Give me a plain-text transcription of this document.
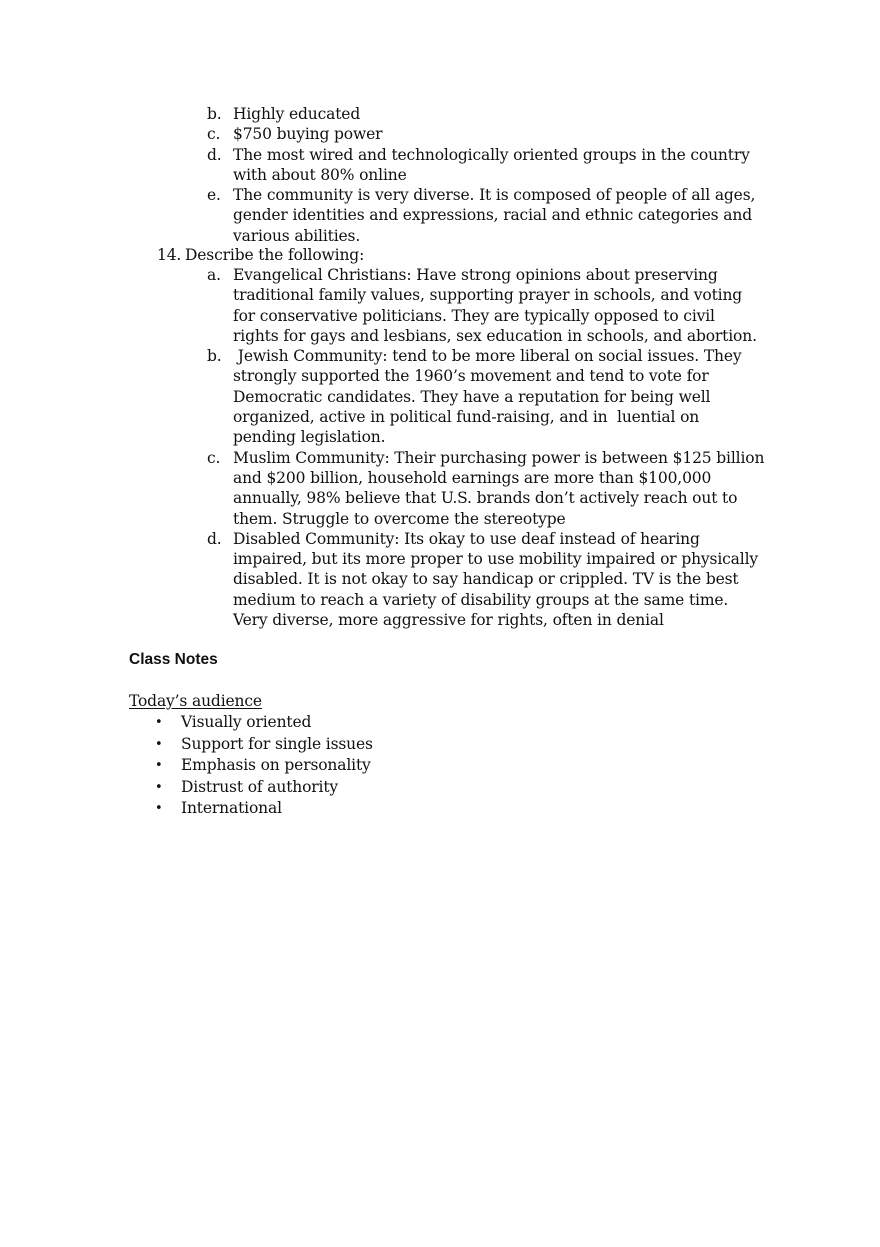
b. Highly educated
c. $750 buying power
d. The most wired and technologically oriented groups in the country with about 80% online
e. The community is very diverse. It is composed of people of all ages, gender identities and expressions, racial and ethnic categories and various abilities.
14. Describe the following:
a. Evangelical Christians: Have strong opinions about preserving traditional family values, supporting prayer in schools, and voting for conservative politicians. They are typically opposed to civil rights for gays and lesbians, sex education in schools, and abortion.
b. Jewish Community: tend to be more liberal on social issues. They strongly supported the 1960’s movement and tend to vote for Democratic candidates. They have a reputation for being well organized, active in political fund-raising, and in  luential on pending legislation.
c. Muslim Community: Their purchasing power is between $125 billion and $200 billion, household earnings are more than $100,000 annually, 98% believe that U.S. brands don’t actively reach out to them. Struggle to overcome the stereotype
d. Disabled Community: Its okay to use deaf instead of hearing impaired, but its more proper to use mobility impaired or physically disabled. It is not okay to say handicap or crippled. TV is the best medium to reach a variety of disability groups at the same time. Very diverse, more aggressive for rights, often in denial
Class Notes
Today’s audience
• Visually oriented
• Support for single issues
• Emphasis on personality
• Distrust of authority
• International
